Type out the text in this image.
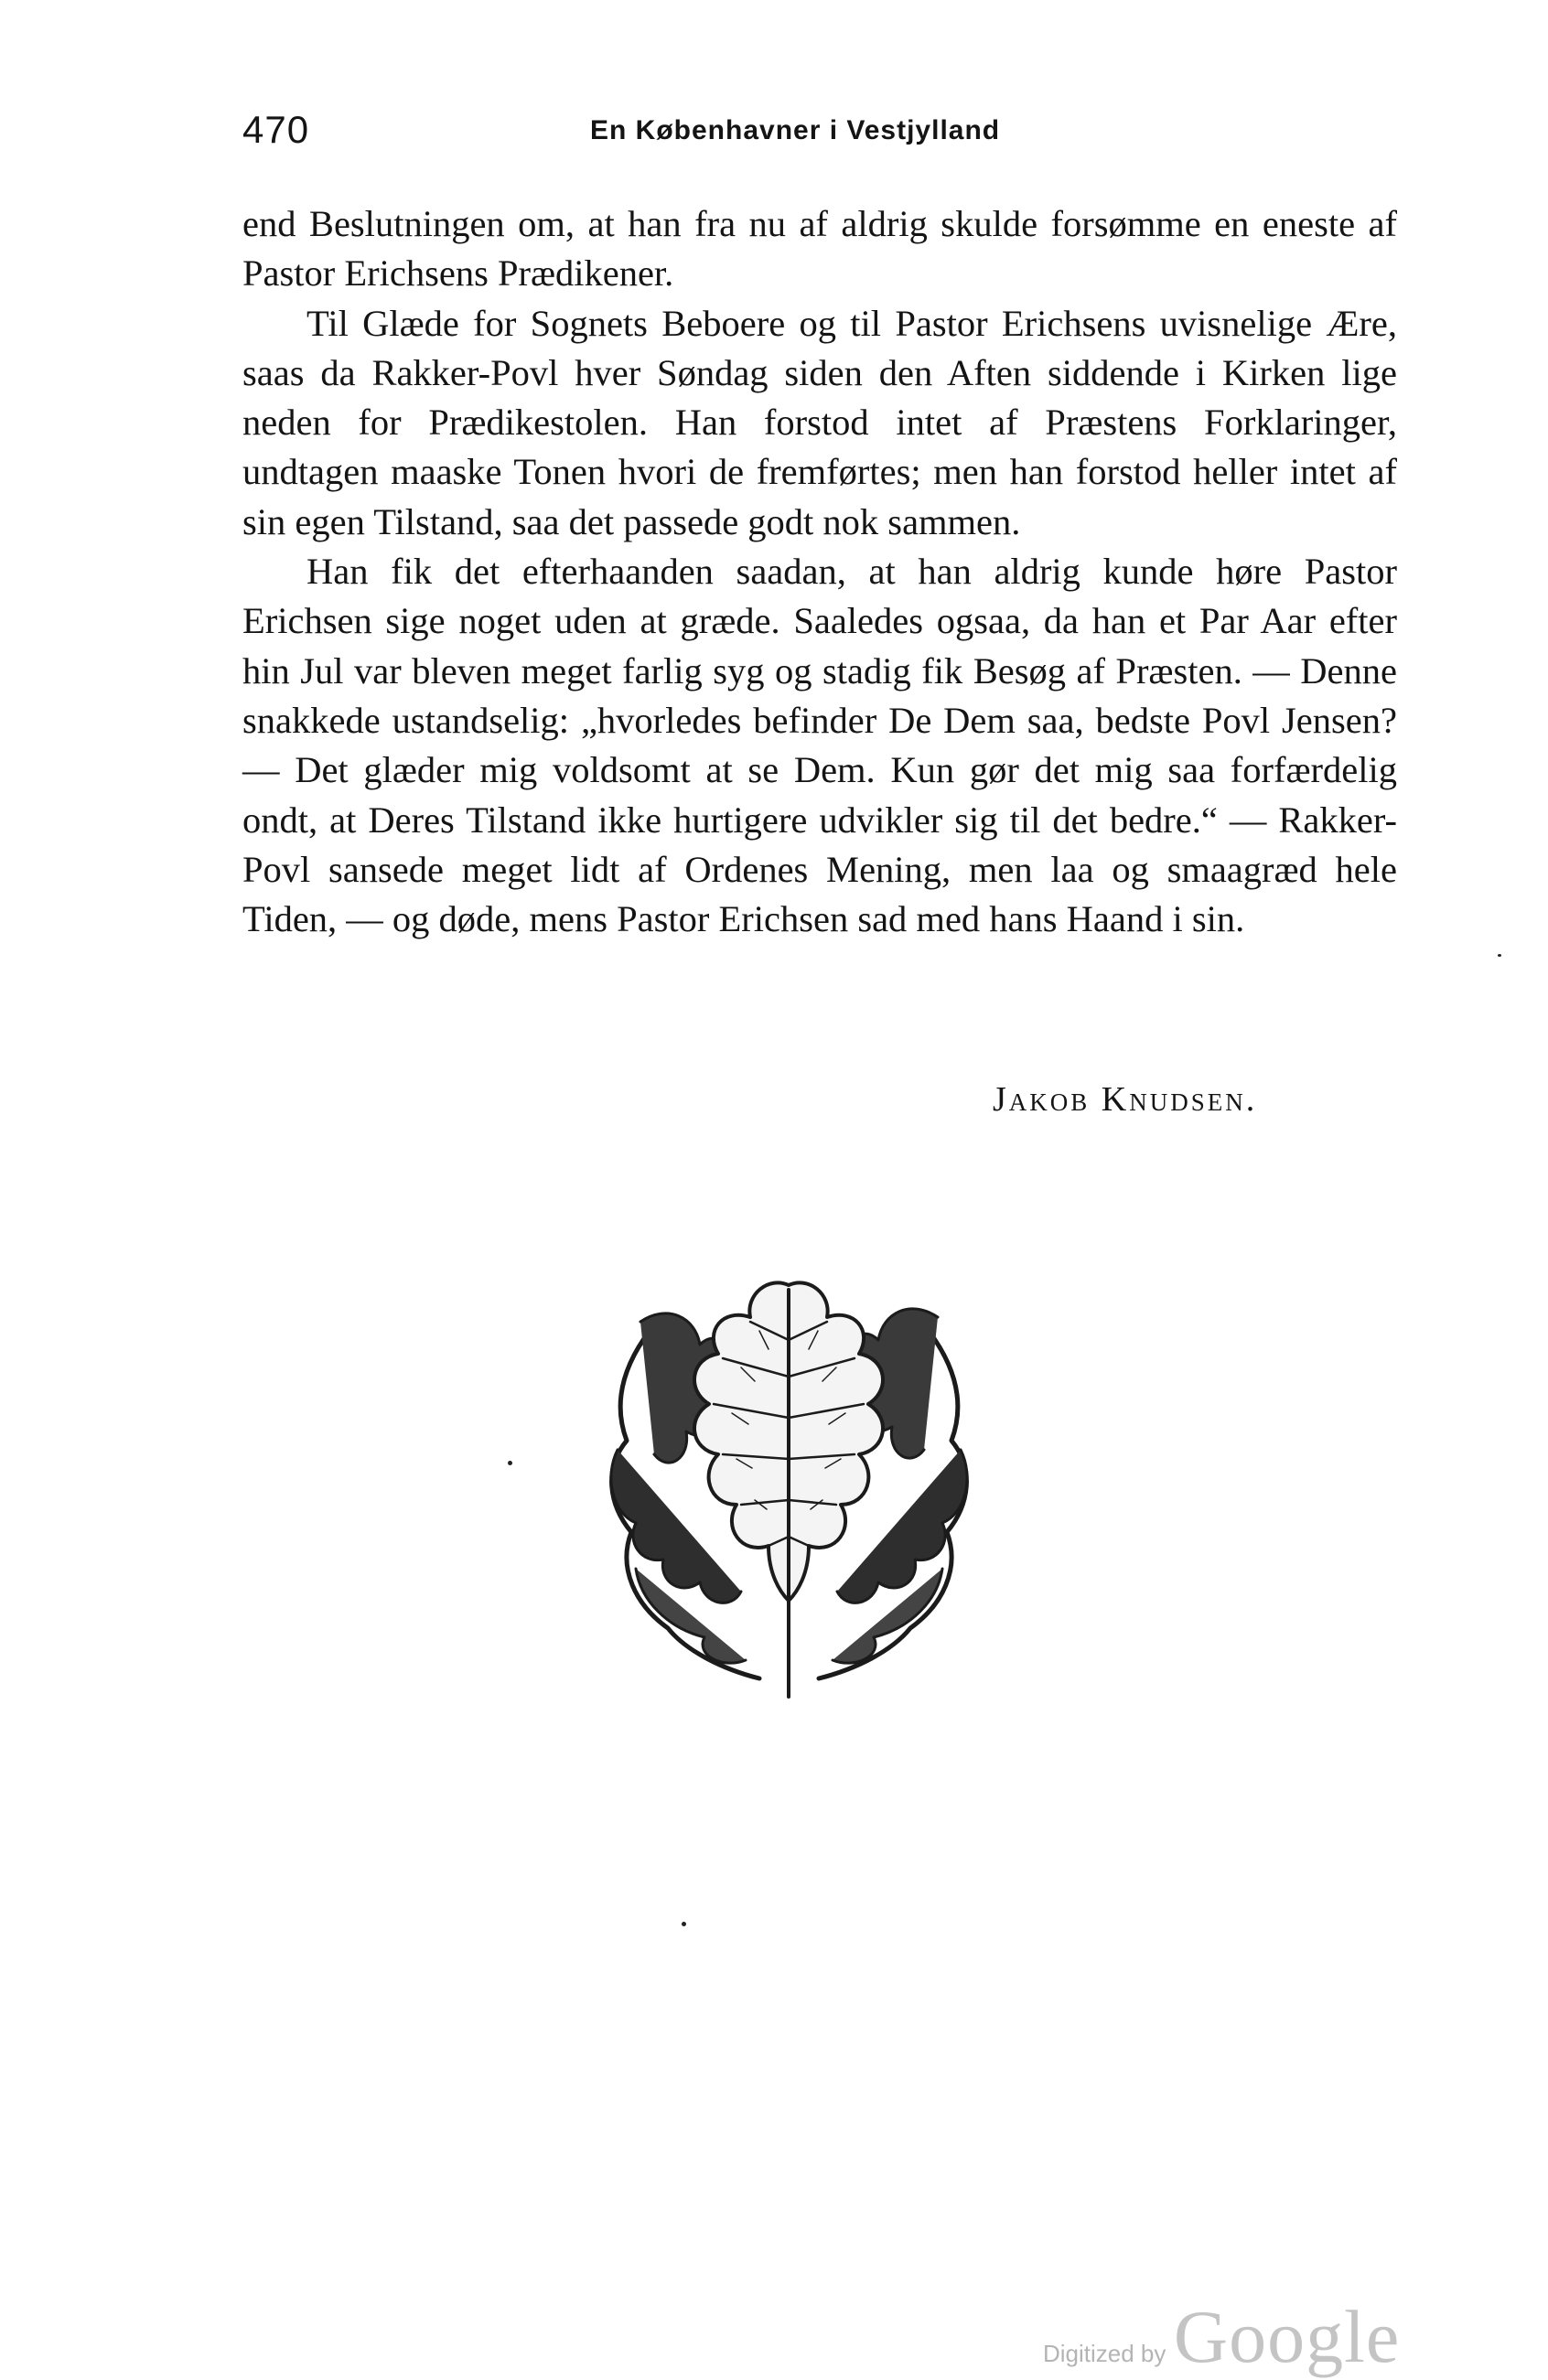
470	En Københavner i Vestjylland

end Beslutningen om, at han fra nu af aldrig skulde forsømme en eneste af Pastor Erichsens Prædikener.

Til Glæde for Sognets Beboere og til Pastor Erichsens uvisnelige Ære, saas da Rakker-Povl hver Søndag siden den Aften siddende i Kirken lige neden for Prædikestolen. Han forstod intet af Præstens Forklaringer, undtagen maaske Tonen hvori de fremførtes; men han forstod heller intet af sin egen Tilstand, saa det passede godt nok sammen.

Han fik det efterhaanden saadan, at han aldrig kunde høre Pastor Erichsen sige noget uden at græde. Saaledes ogsaa, da han et Par Aar efter hin Jul var bleven meget farlig syg og stadig fik Besøg af Præsten. — Denne snakkede ustandselig: „hvorledes befinder De Dem saa, bedste Povl Jensen? — Det glæder mig voldsomt at se Dem. Kun gør det mig saa forfærdelig ondt, at Deres Tilstand ikke hurtigere udvikler sig til det bedre.“ — Rakker-Povl sansede meget lidt af Ordenes Mening, men laa og smaagræd hele Tiden, — og døde, mens Pastor Erichsen sad med hans Haand i sin.

Jakob Knudsen.
Digitized by Google
